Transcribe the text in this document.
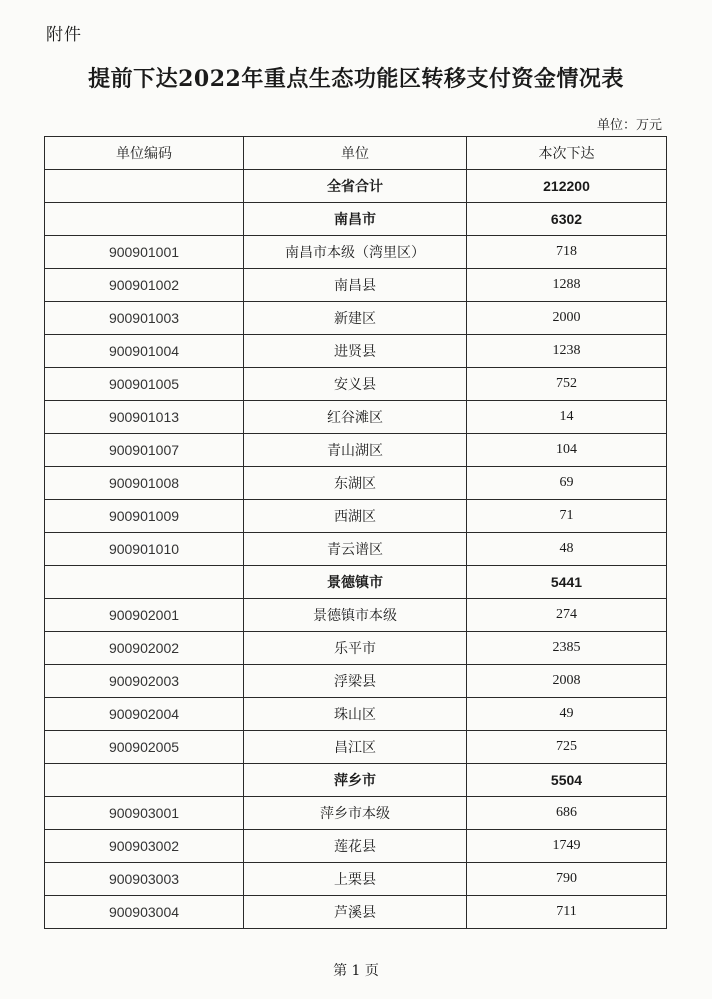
附件
提前下达2022年重点生态功能区转移支付资金情况表
单位：万元
单位编码	单位	本次下达
	全省合计	212200
	南昌市	6302
900901001	南昌市本级（湾里区）	718
900901002	南昌县	1288
900901003	新建区	2000
900901004	进贤县	1238
900901005	安义县	752
900901013	红谷滩区	14
900901007	青山湖区	104
900901008	东湖区	69
900901009	西湖区	71
900901010	青云谱区	48
	景德镇市	5441
900902001	景德镇市本级	274
900902002	乐平市	2385
900902003	浮梁县	2008
900902004	珠山区	49
900902005	昌江区	725
	萍乡市	5504
900903001	萍乡市本级	686
900903002	莲花县	1749
900903003	上栗县	790
900903004	芦溪县	711
第 1 页
